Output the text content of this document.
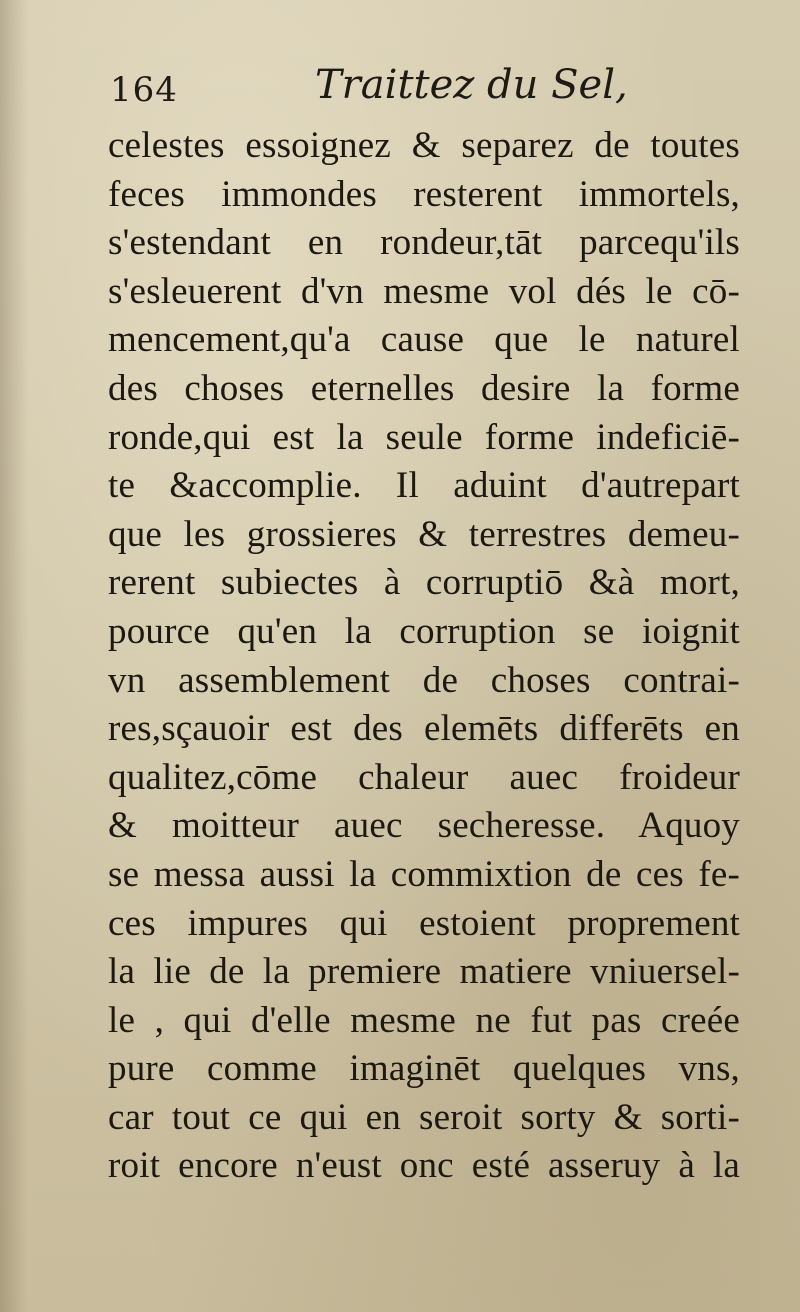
164	Traittez du Sel,
celestes essoignez & separez de toutes
feces immondes resterent immortels,
s'estendant en rondeur,tāt parcequ'ils
s'esleuerent d'vn mesme vol dés le cō-
mencement,qu'a cause que le naturel
des choses eternelles desire la forme
ronde,qui est la seule forme indeficiē-
te &accomplie. Il aduint d'autrepart
que les grossieres & terrestres demeu-
rerent subiectes à corruptiō &à mort,
pource qu'en la corruption se ioignit
vn assemblement de choses contrai-
res,sçauoir est des elemēts differēts en
qualitez,cōme chaleur auec froideur
& moitteur auec secheresse. Aquoy
se messa aussi la commixtion de ces fe-
ces impures qui estoient proprement
la lie de la premiere matiere vniuersel-
le , qui d'elle mesme ne fut pas creée
pure comme imaginēt quelques vns,
car tout ce qui en seroit sorty & sorti-
roit encore n'eust onc esté asseruy à la
